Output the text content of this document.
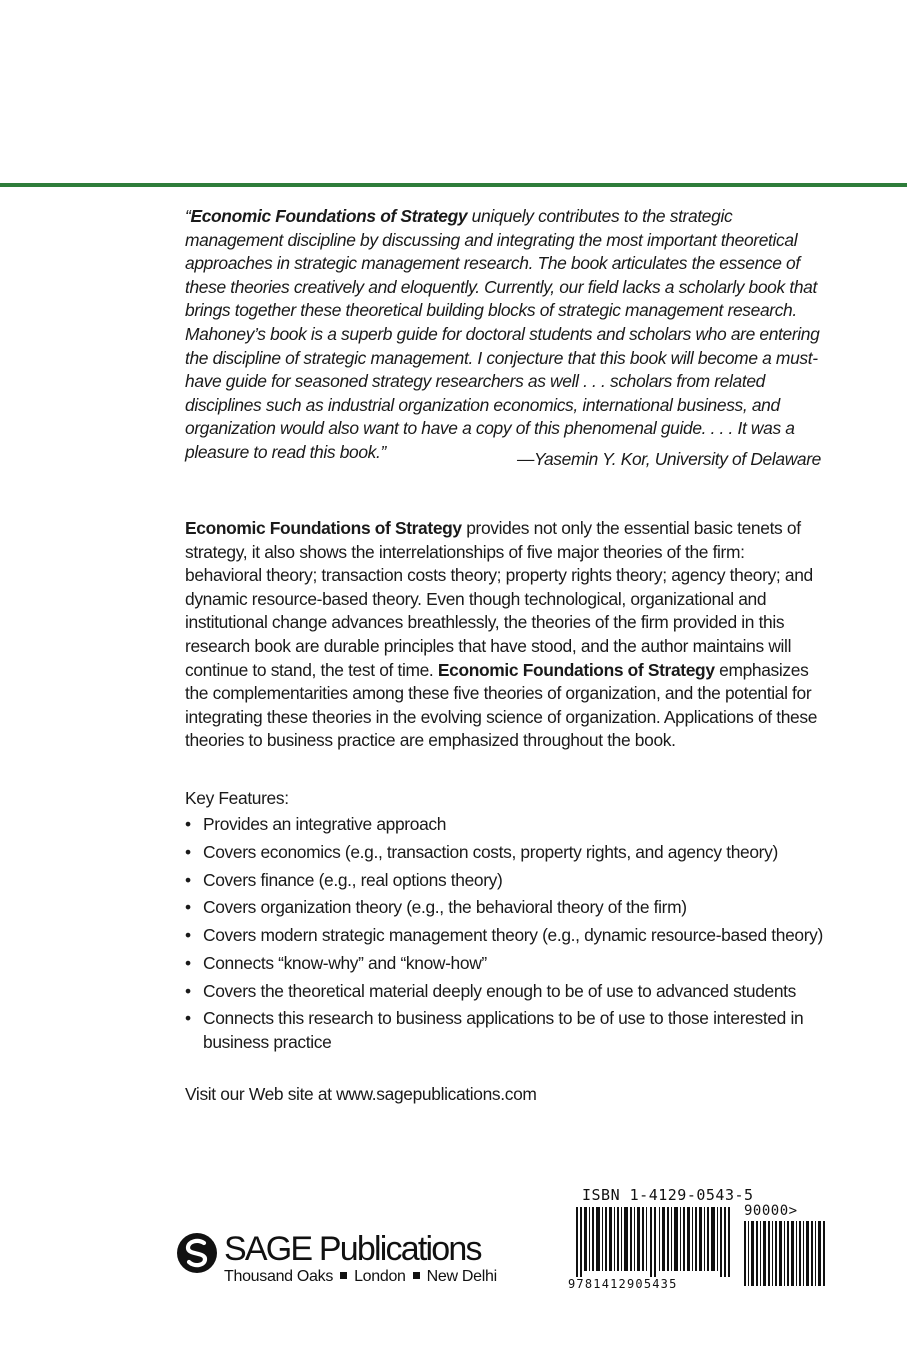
“Economic Foundations of Strategy uniquely contributes to the strategic management discipline by discussing and integrating the most important theoretical approaches in strategic management research. The book articulates the essence of these theories creatively and eloquently. Currently, our field lacks a scholarly book that brings together these theoretical building blocks of strategic management research. Mahoney’s book is a superb guide for doctoral students and scholars who are entering the discipline of strategic management. I conjecture that this book will become a must-have guide for seasoned strategy researchers as well . . . scholars from related disciplines such as industrial organization economics, international business, and organization would also want to have a copy of this phenomenal guide. . . . It was a pleasure to read this book.”	—Yasemin Y. Kor, University of Delaware

Economic Foundations of Strategy provides not only the essential basic tenets of strategy, it also shows the interrelationships of five major theories of the firm: behavioral theory; transaction costs theory; property rights theory; agency theory; and dynamic resource-based theory. Even though technological, organizational and institutional change advances breathlessly, the theories of the firm provided in this research book are durable principles that have stood, and the author maintains will continue to stand, the test of time. Economic Foundations of Strategy emphasizes the complementarities among these five theories of organization, and the potential for integrating these theories in the evolving science of organization. Applications of these theories to business practice are emphasized throughout the book.

Key Features:

• Provides an integrative approach
• Covers economics (e.g., transaction costs, property rights, and agency theory)
• Covers finance (e.g., real options theory)
• Covers organization theory (e.g., the behavioral theory of the firm)
• Covers modern strategic management theory (e.g., dynamic resource-based theory)
• Connects “know-why” and “know-how”
• Covers the theoretical material deeply enough to be of use to advanced students
• Connects this research to business applications to be of use to those interested in business practice

Visit our Web site at www.sagepublications.com

SAGE Publications
Thousand Oaks London New Delhi

ISBN 1-4129-0543-5

90000>

9781412905435
